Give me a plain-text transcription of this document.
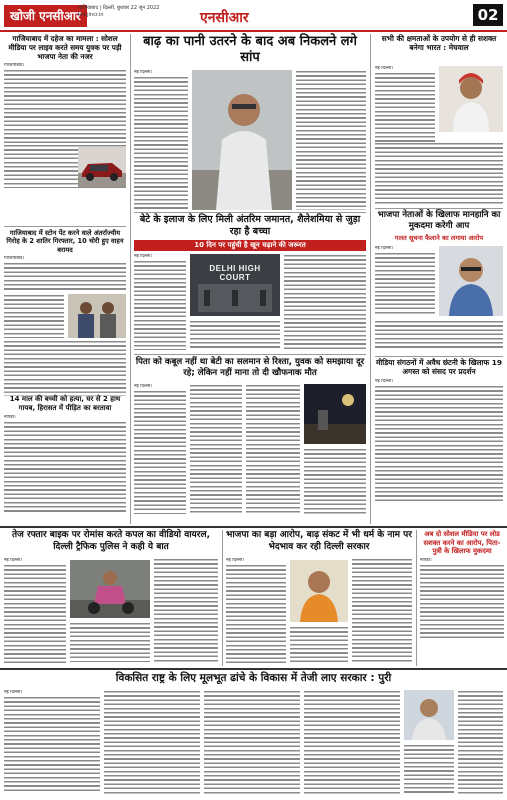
खोजी एनसीआर
गाजियाबाद | दिल्ली, बुधवार 22 जून 2022
khojincr.in	एनसीआर	02
गाजियाबाद में दहेज का मामला : सोशल मीडिया पर लाइव करते समय युवक पर पड़ी भाजपा नेता की नजर
गाजियाबाद।
गाजियाबाद में स्टोन पेंट करने वाले अंतर्राज्यीय गिरोह के 2 शातिर गिरफ्तार, 10 चोरी हुए वाहन बरामद
गाजियाबाद।
14 माल की बच्ची को हत्या, घर से 2 हाथ गायब, हिरासत में पीड़ित का बरतावा
नोएडा।
बाढ़ का पानी उतरने के बाद अब निकलने लगे सांप
नई दिल्ली।
बेटे के इलाज के लिए मिली अंतरिम जमानत, शैलेशमिया से जुड़ा रहा है बच्चा
10 दिन पर पहुंची है खून चढ़ाने की जरूरत
नई दिल्ली।
DELHI HIGH COURT
पिता को कबूल नहीं था बेटी का सलमान से रिश्ता, युवक को समझाया दूर रहे; लेकिन नहीं माना तो दी खौफनाक मौत
नई दिल्ली।
सभी की क्षमताओं के उपयोग से ही सशक्त बनेगा भारत : मेघवाल
नई दिल्ली।
भाजपा नेताओं के खिलाफ मानहानि का मुकदमा करेगी आप
गलत सूचना फैलाने का लगाया आरोप
नई दिल्ली।
मीडिया संगठनों में अवैध छंटनी के खिलाफ 19 अगस्त को संसद पर प्रदर्शन
नई दिल्ली।
तेज रफ्तार बाइक पर रोमांस करते कपल का वीडियो वायरल, दिल्ली ट्रैफिक पुलिस ने कही ये बात
नई दिल्ली।
भाजपा का बड़ा आरोप, बाढ़ संकट में भी धर्म के नाम पर भेदभाव कर रही दिल्ली सरकार
नई दिल्ली।
अब दो सोशल मीडिया पर लोड सशक्त करने का आरोप, पिता-पुत्री के खिलाफ मुकदमा
नोएडा।
विकसित राष्ट्र के लिए मूलभूत ढांचे के विकास में तेजी लाए सरकार : पुरी
नई दिल्ली।
